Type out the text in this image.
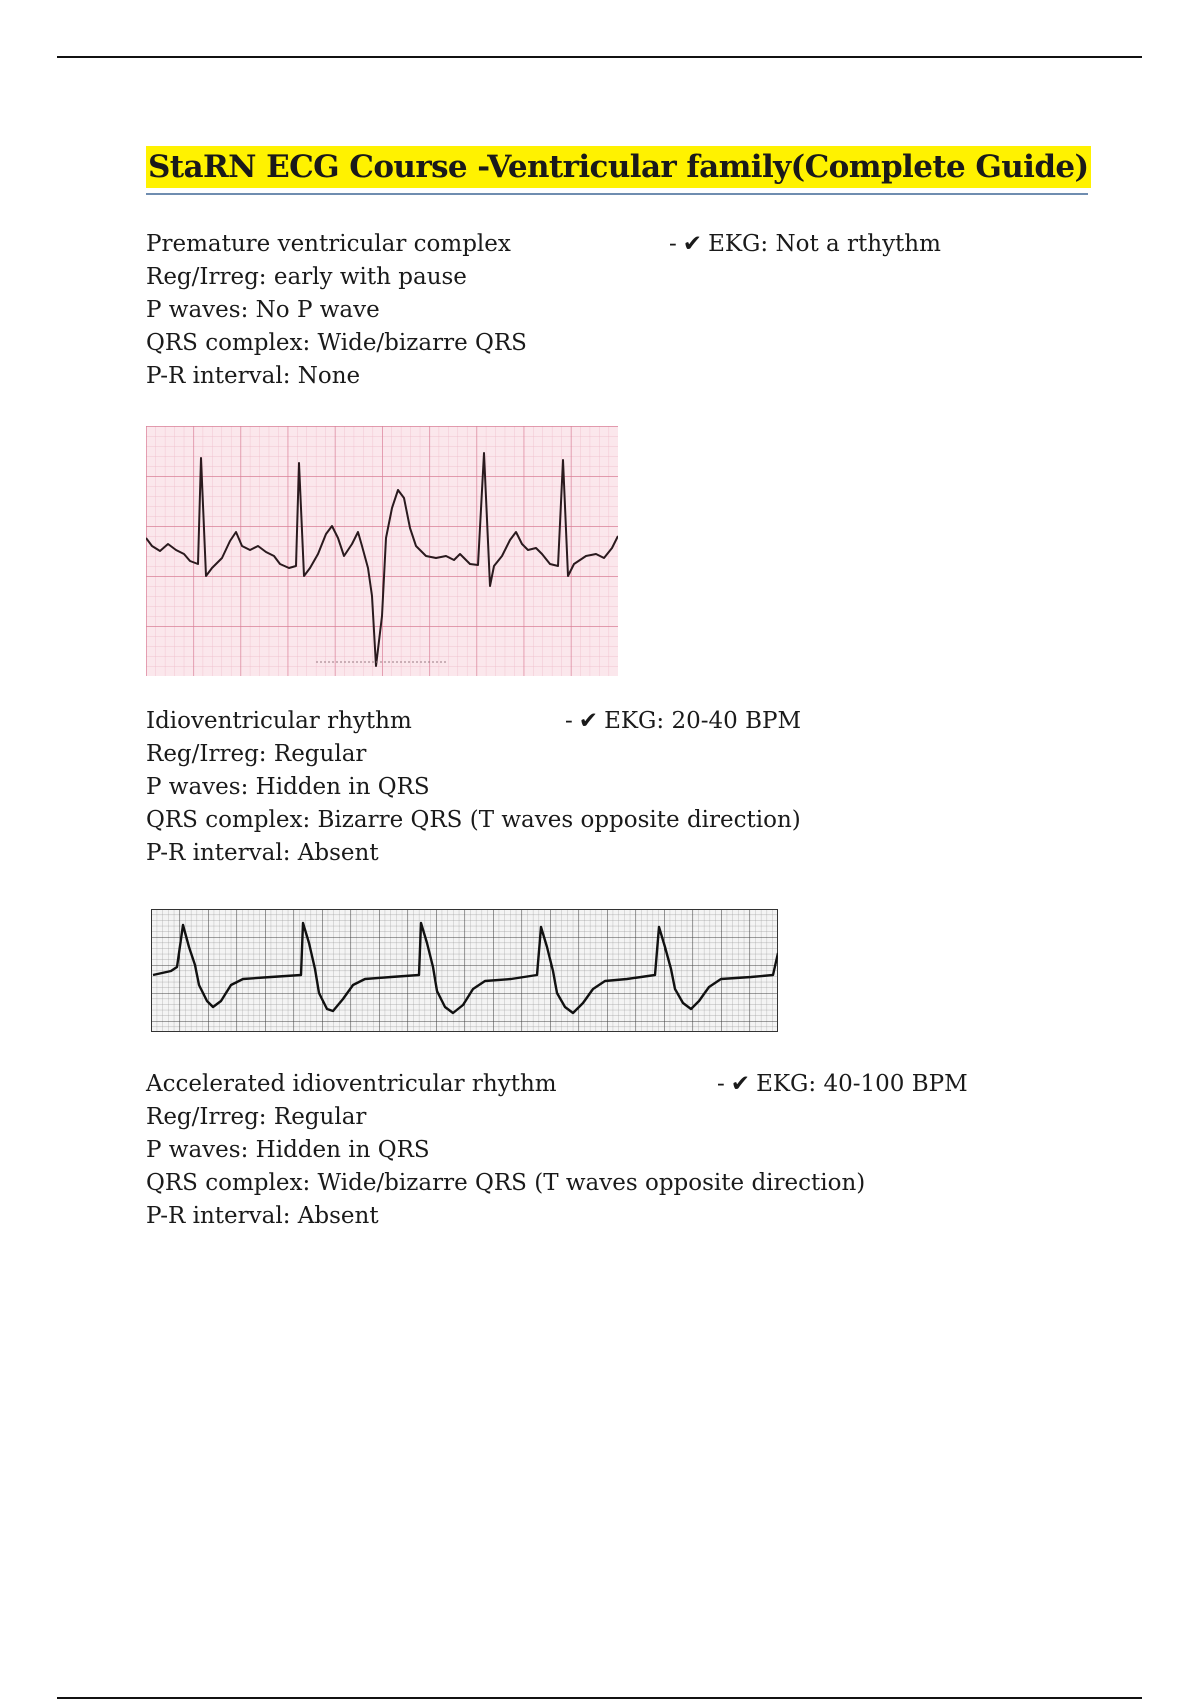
StaRN ECG Course -Ventricular family(Complete Guide)
Premature ventricular complex
Reg/Irreg: early with pause
P waves: No P wave
QRS complex: Wide/bizarre QRS
P-R interval: None
- ✔ EKG: Not a rthythm
Idioventricular rhythm
Reg/Irreg: Regular
P waves: Hidden in QRS
QRS complex: Bizarre QRS (T waves opposite direction)
P-R interval: Absent
- ✔ EKG: 20-40 BPM
Accelerated idioventricular rhythm
Reg/Irreg: Regular
P waves: Hidden in QRS
QRS complex: Wide/bizarre QRS (T waves opposite direction)
P-R interval: Absent
- ✔ EKG: 40-100 BPM
